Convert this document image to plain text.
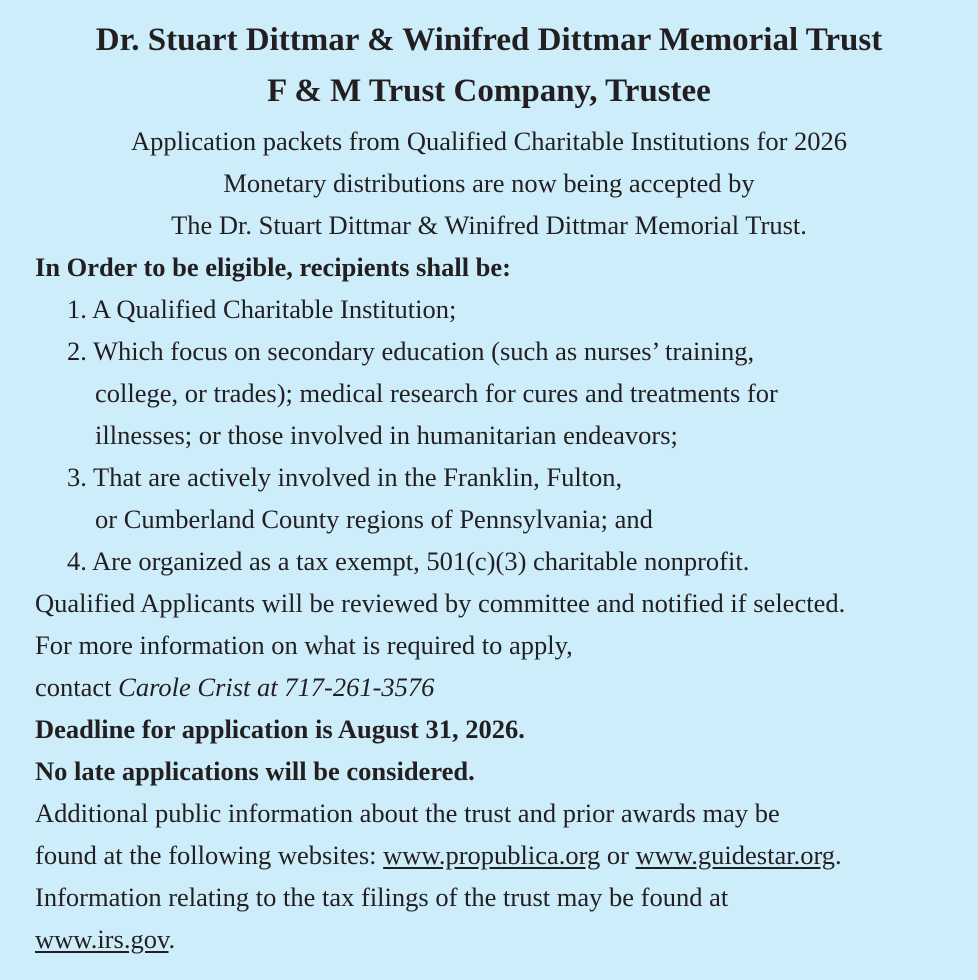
Dr. Stuart Dittmar & Winifred Dittmar Memorial Trust
F & M Trust Company, Trustee
Application packets from Qualified Charitable Institutions for 2026
Monetary distributions are now being accepted by
The Dr. Stuart Dittmar & Winifred Dittmar Memorial Trust.
In Order to be eligible, recipients shall be:
1. A Qualified Charitable Institution;
2. Which focus on secondary education (such as nurses’ training,
college, or trades); medical research for cures and treatments for
illnesses; or those involved in humanitarian endeavors;
3. That are actively involved in the Franklin, Fulton,
or Cumberland County regions of Pennsylvania; and
4. Are organized as a tax exempt, 501(c)(3) charitable nonprofit.
Qualified Applicants will be reviewed by committee and notified if selected.
For more information on what is required to apply,
contact Carole Crist at 717-261-3576
Deadline for application is August 31, 2026.
No late applications will be considered.
Additional public information about the trust and prior awards may be
found at the following websites: www.propublica.org or www.guidestar.org.
Information relating to the tax filings of the trust may be found at
www.irs.gov.
